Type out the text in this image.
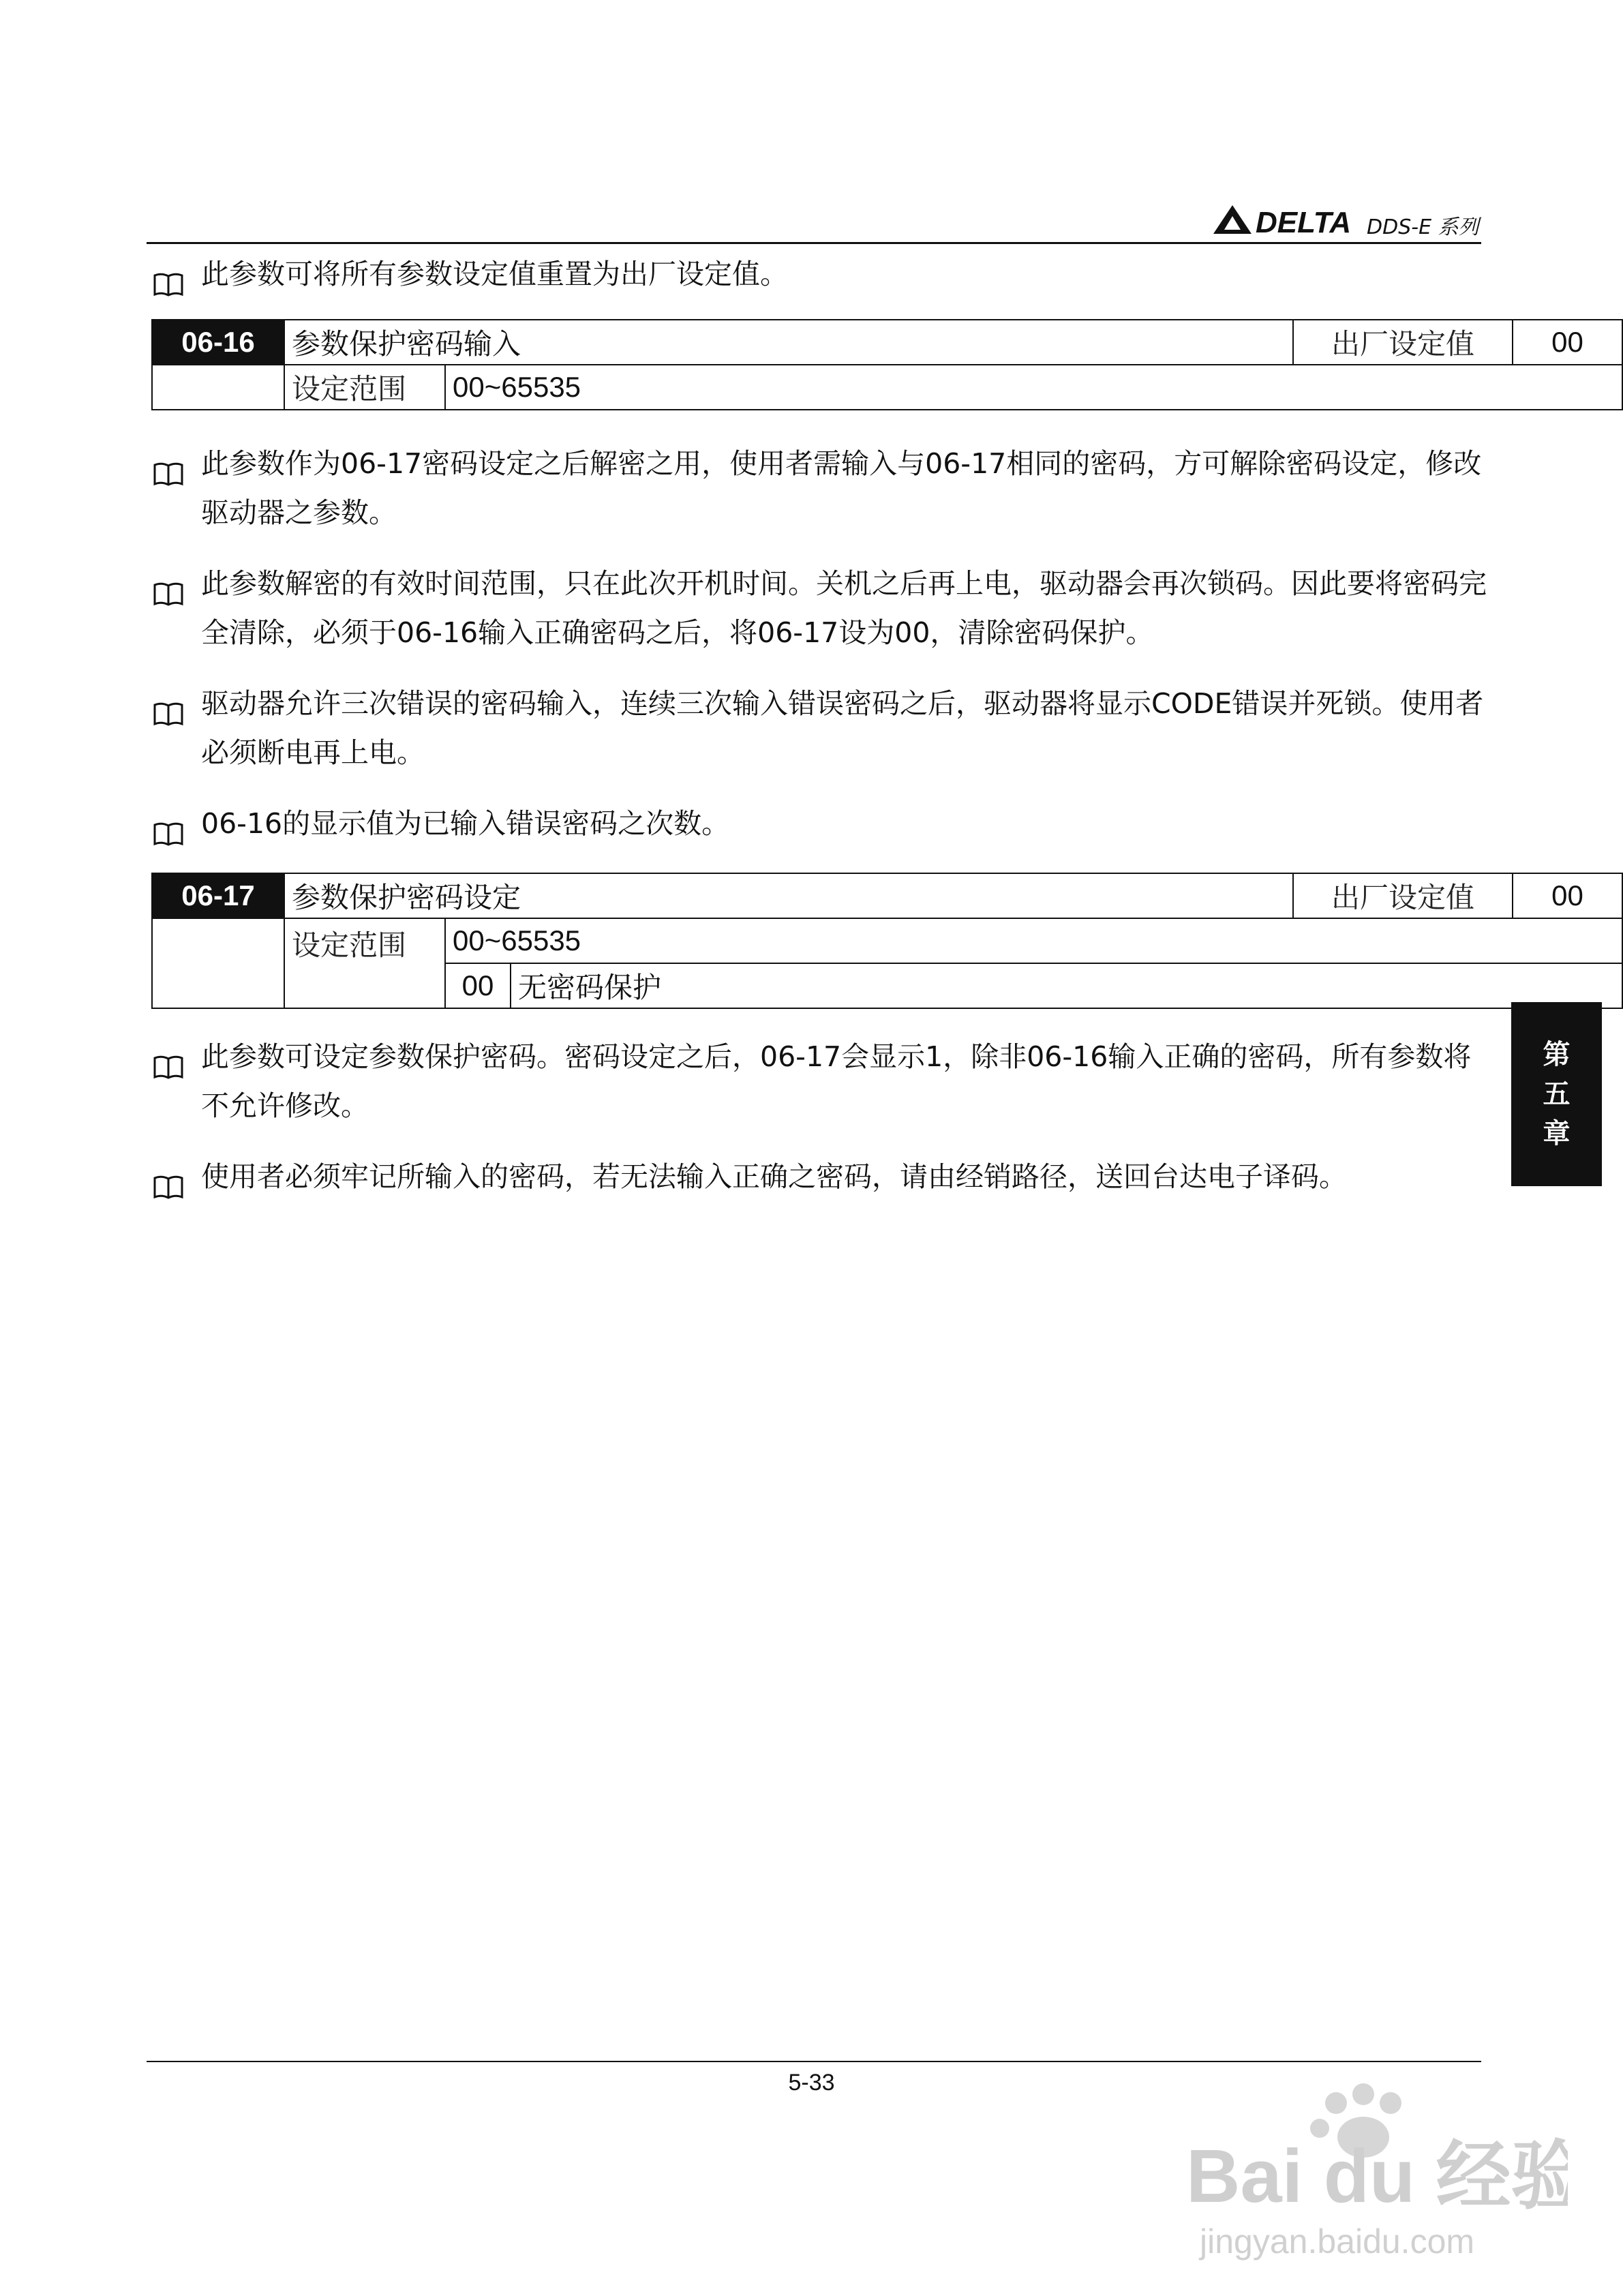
DELTA DDS-E 系列
此参数可将所有参数设定值重置为出厂设定值。
06-16	参数保护密码输入		出厂设定值	00
	设定范围	00~65535		
此参数作为06-17密码设定之后解密之用，使用者需输入与06-17相同的密码，方可解除密码设定，修改驱动器之参数。
此参数解密的有效时间范围，只在此次开机时间。关机之后再上电，驱动器会再次锁码。因此要将密码完全清除，必须于06-16输入正确密码之后，将06-17设为00，清除密码保护。
驱动器允许三次错误的密码输入，连续三次输入错误密码之后，驱动器将显示CODE错误并死锁。使用者必须断电再上电。
06-16的显示值为已输入错误密码之次数。
06-17	参数保护密码设定			出厂设定值	00
	设定范围	00~65535			
		00	无密码保护		
此参数可设定参数保护密码。密码设定之后，06-17会显示1，除非06-16输入正确的密码，所有参数将不允许修改。
使用者必须牢记所输入的密码，若无法输入正确之密码，请由经销路径，送回台达电子译码。
第
五
章
5-33
Bai du 经验
jingyan.baidu.com
